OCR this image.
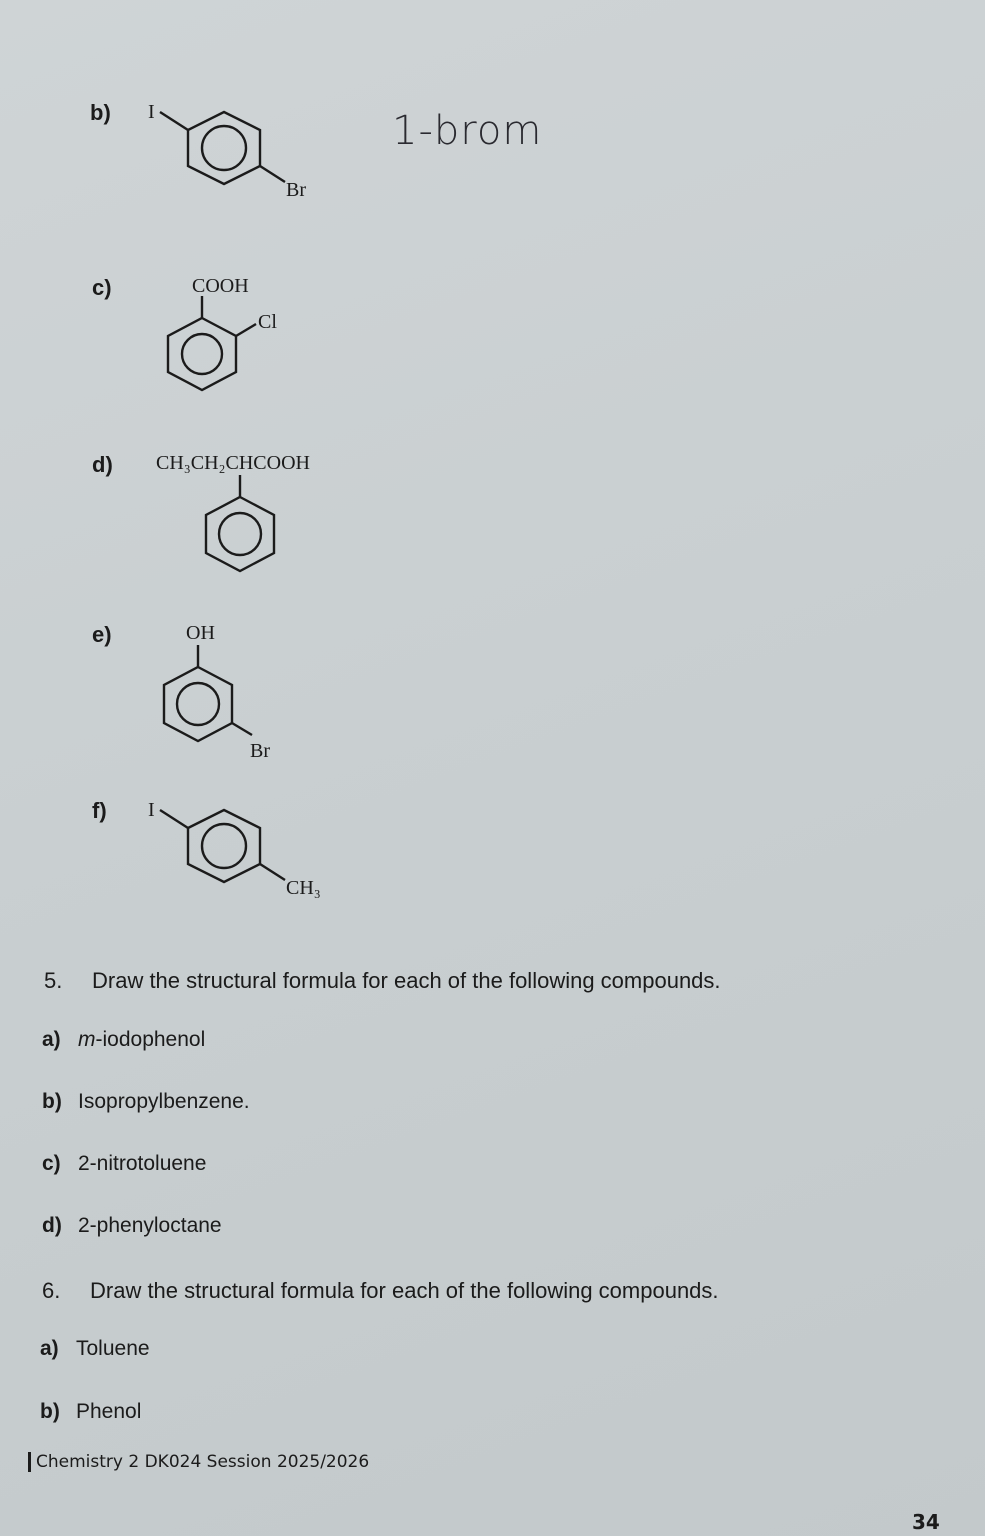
b) I
Br
1-brom
c)	COOH
Cl
d) CH₃CH₂CHCOOH
e)	OH
Br
f) I
CH₃
5. Draw the structural formula for each of the following compounds.
a) m-iodophenol
b) Isopropylbenzene.
c) 2-nitrotoluene
d) 2-phenyloctane
6. Draw the structural formula for each of the following compounds.
a) Toluene
b) Phenol
Chemistry 2 DK024 Session 2025/2026
34
